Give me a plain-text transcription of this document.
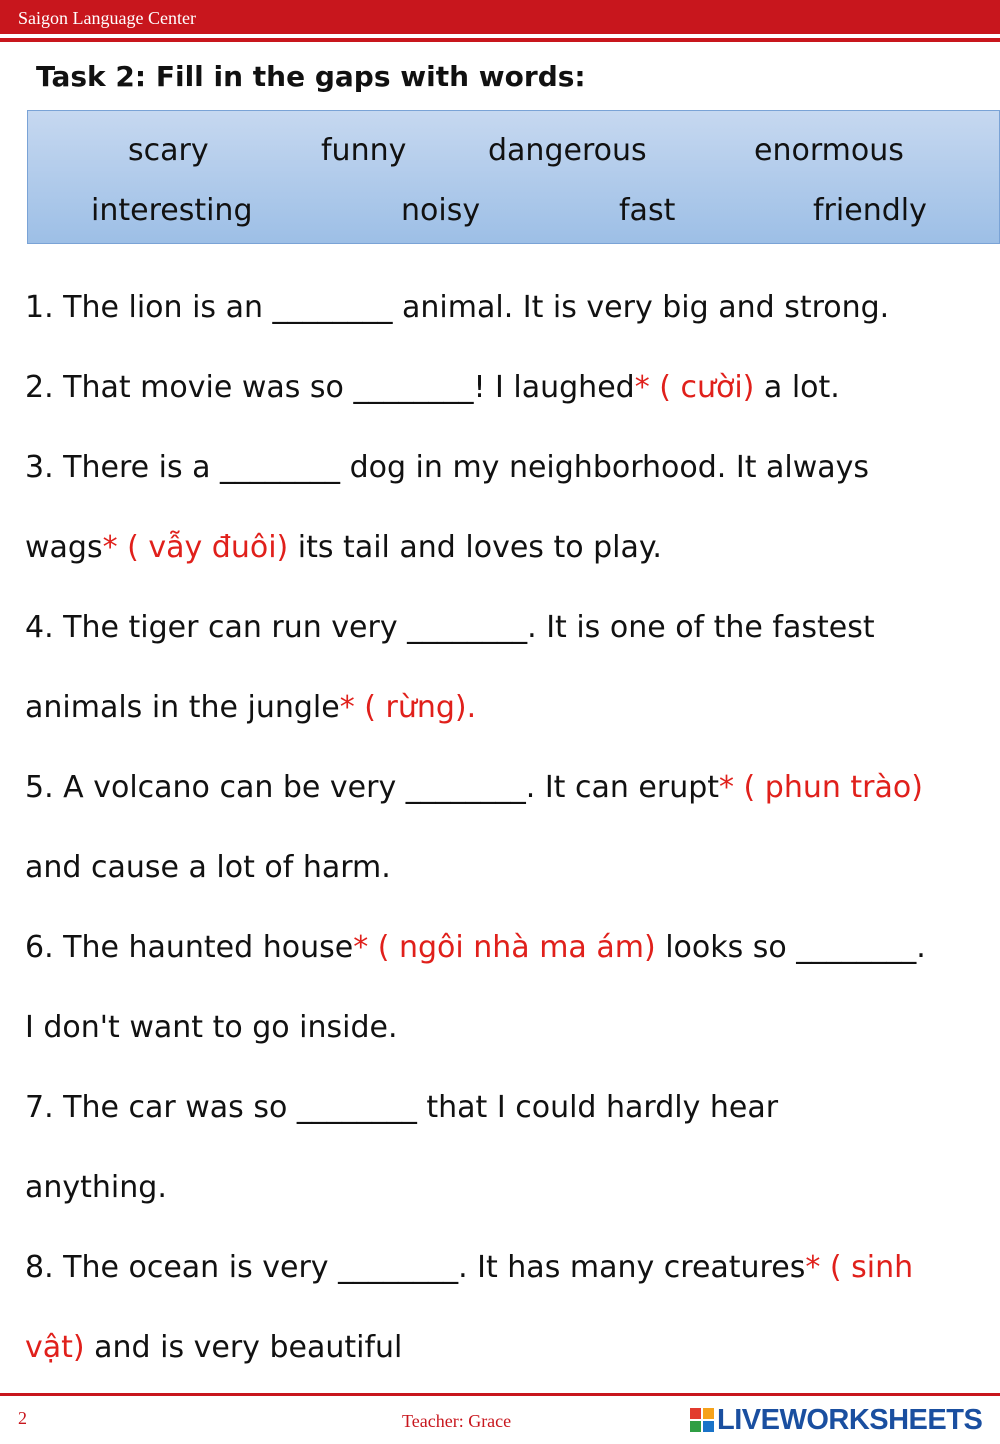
Saigon Language Center
Task 2: Fill in the gaps with words:
scary	funny	dangerous	enormous
interesting	noisy	fast	friendly
1. The lion is an ________ animal. It is very big and strong.
2. That movie was so ________! I laughed* ( cười) a lot.
3. There is a ________ dog in my neighborhood. It always
wags* ( vẫy đuôi) its tail and loves to play.
4. The tiger can run very ________. It is one of the fastest
animals in the jungle* ( rừng).
5. A volcano can be very ________. It can erupt* ( phun trào)
and cause a lot of harm.
6. The haunted house* ( ngôi nhà ma ám) looks so ________.
I don't want to go inside.
7. The car was so ________ that I could hardly hear
anything.
8. The ocean is very ________. It has many creatures* ( sinh
vật) and is very beautiful
2	Teacher: Grace	LIVEWORKSHEETS
